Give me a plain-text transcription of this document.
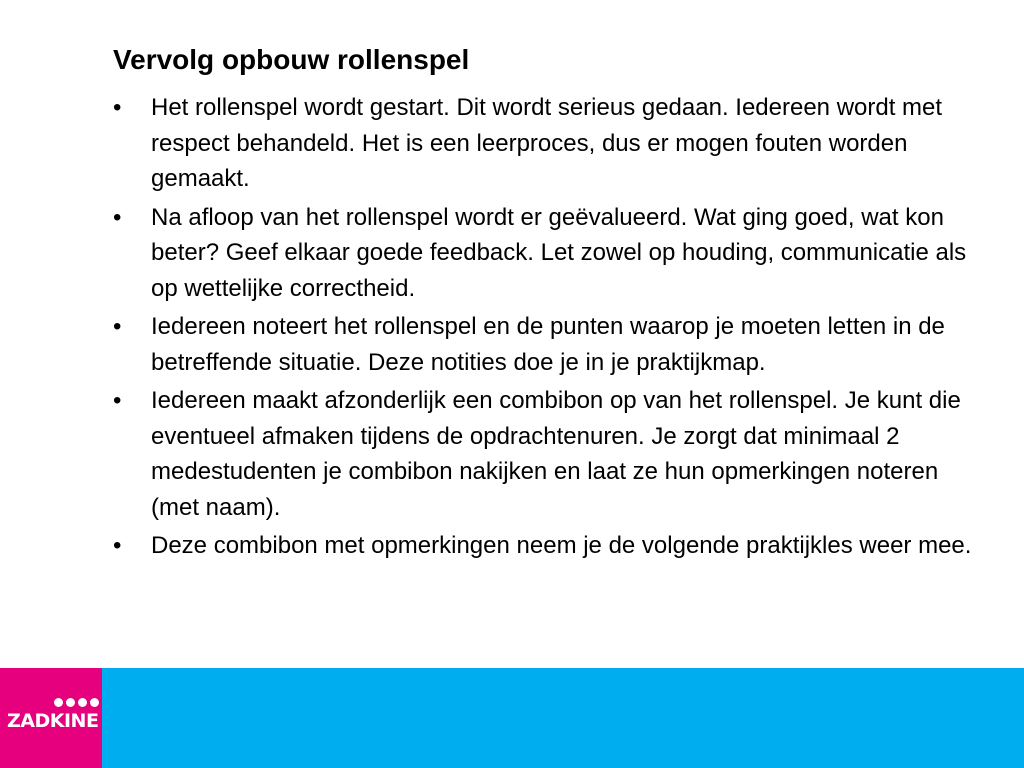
Vervolg opbouw rollenspel
•	Het rollenspel wordt gestart. Dit wordt serieus gedaan. Iedereen wordt met respect behandeld. Het is een leerproces, dus er mogen fouten worden gemaakt.
•	Na afloop van het rollenspel wordt er geëvalueerd. Wat ging goed, wat kon beter? Geef elkaar goede feedback. Let zowel op houding, communicatie als op wettelijke correctheid.
•	Iedereen noteert het rollenspel en de punten waarop je moeten letten in de betreffende situatie. Deze notities doe je in je praktijkmap.
•	Iedereen maakt afzonderlijk een combibon op van het rollenspel. Je kunt die eventueel afmaken tijdens de opdrachtenuren. Je zorgt dat minimaal 2 medestudenten je combibon nakijken en laat ze hun opmerkingen noteren (met naam).
•	Deze combibon met opmerkingen neem je de volgende praktijkles weer mee.
ZADKINE
